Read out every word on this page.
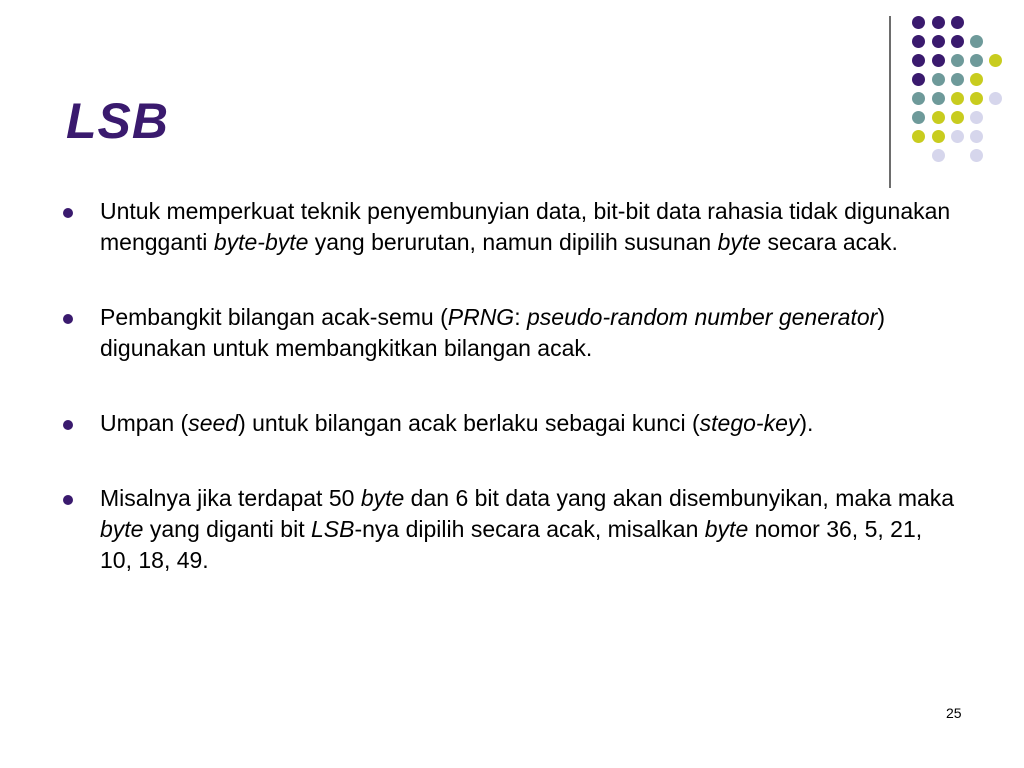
LSB
Untuk memperkuat teknik penyembunyian data, bit-bit data rahasia tidak digunakan mengganti byte-byte yang berurutan, namun dipilih susunan byte secara acak.
Pembangkit bilangan acak-semu (PRNG: pseudo-random number generator) digunakan untuk membangkitkan bilangan acak.
Umpan (seed) untuk bilangan acak berlaku sebagai kunci (stego-key).
Misalnya jika terdapat 50 byte dan 6 bit data yang akan disembunyikan, maka maka byte yang diganti bit LSB-nya dipilih secara acak, misalkan byte nomor 36, 5, 21, 10, 18, 49.
25
